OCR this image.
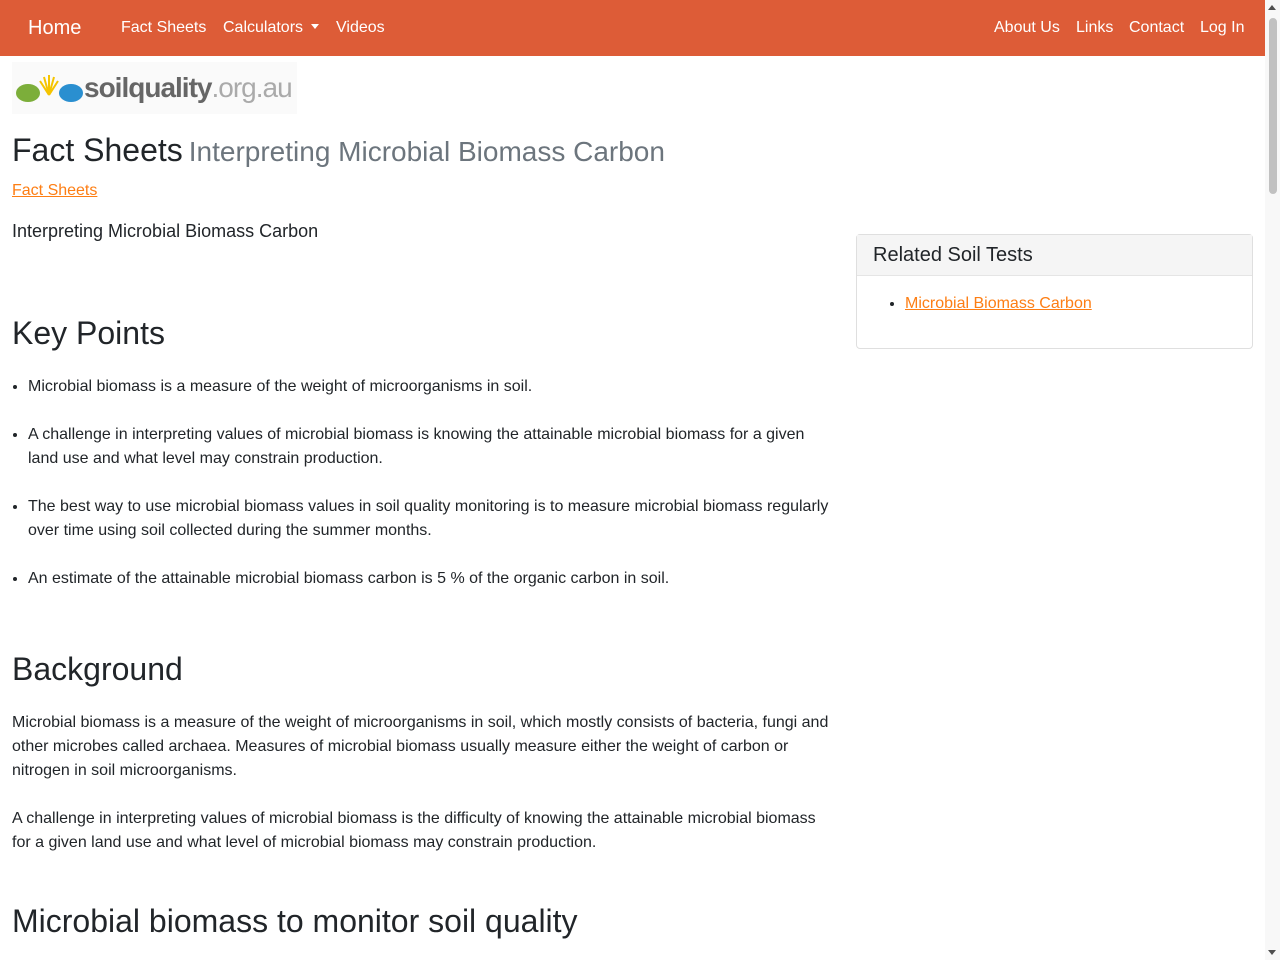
Home Fact Sheets Calculators	Videos	About Us Links Contact Log In
soilquality .org.au
Fact Sheets Interpreting Microbial Biomass Carbon
Fact Sheets
Interpreting Microbial Biomass Carbon
Key Points
• Microbial biomass is a measure of the weight of microorganisms in soil.
• A challenge in interpreting values of microbial biomass is knowing the attainable microbial biomass for a given land use and what level may constrain production.
• The best way to use microbial biomass values in soil quality monitoring is to measure microbial biomass regularly over time using soil collected during the summer months.
• An estimate of the attainable microbial biomass carbon is 5 % of the organic carbon in soil.
Background

Microbial biomass is a measure of the weight of microorganisms in soil, which mostly consists of bacteria, fungi and other microbes called archaea. Measures of microbial biomass usually measure either the weight of carbon or nitrogen in soil microorganisms.

A challenge in interpreting values of microbial biomass is the difficulty of knowing the attainable microbial biomass for a given land use and what level of microbial biomass may constrain production.

Microbial biomass to monitor soil quality
Related Soil Tests
• Microbial Biomass Carbon
